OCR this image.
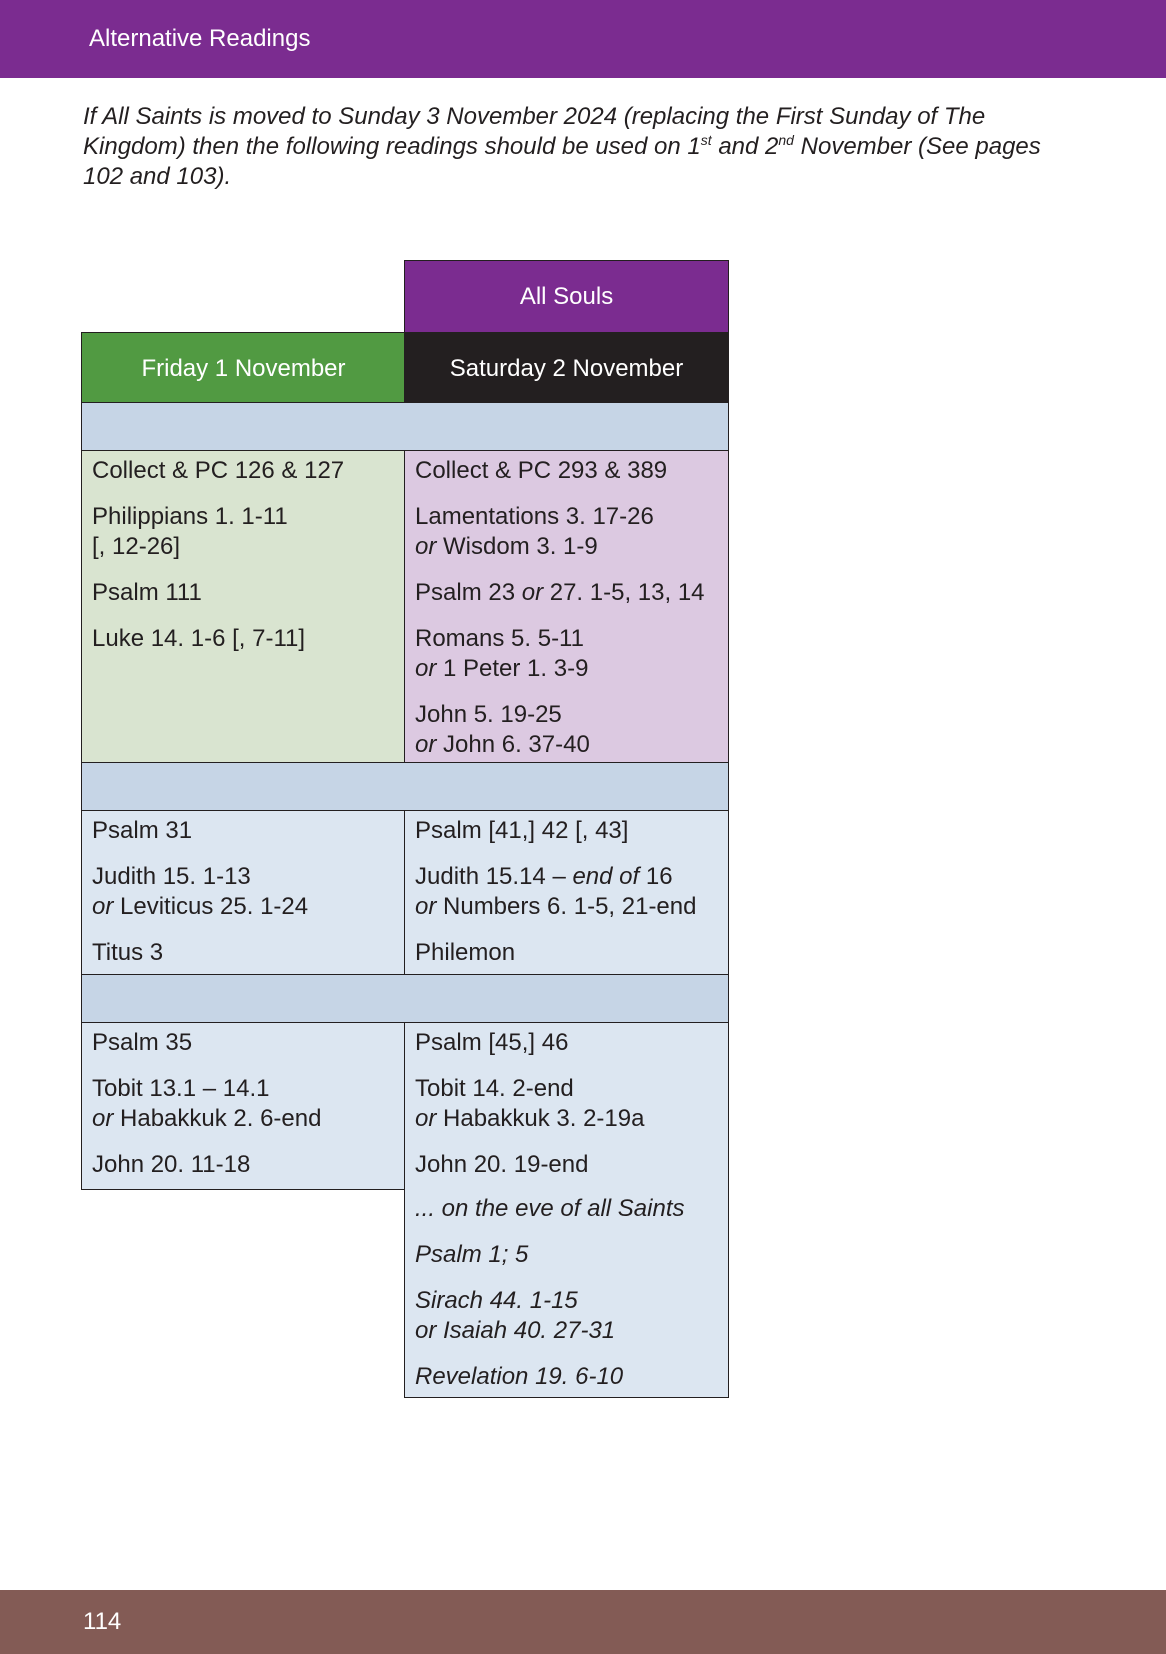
Alternative Readings
If All Saints is moved to Sunday 3 November 2024 (replacing the First Sunday of The Kingdom) then the following readings should be used on 1st and 2nd November (See pages 102 and 103).
All Souls
Friday 1 November	Saturday 2 November
Collect & PC 126 & 127
Philippians 1. 1-11
[, 12-26]
Psalm 111
Luke 14. 1-6 [, 7-11]
Collect & PC 293 & 389
Lamentations 3. 17-26
or Wisdom 3. 1-9
Psalm 23 or 27. 1-5, 13, 14
Romans 5. 5-11
or 1 Peter 1. 3-9
John 5. 19-25
or John 6. 37-40
Psalm 31
Judith 15. 1-13
or Leviticus 25. 1-24
Titus 3
Psalm [41,] 42 [, 43]
Judith 15.14 – end of 16
or Numbers 6. 1-5, 21-end
Philemon
Psalm 35
Tobit 13.1 – 14.1
or Habakkuk 2. 6-end
John 20. 11-18
Psalm [45,] 46
Tobit 14. 2-end
or Habakkuk 3. 2-19a
John 20. 19-end
... on the eve of all Saints
Psalm 1; 5
Sirach 44. 1-15
or Isaiah 40. 27-31
Revelation 19. 6-10
114
